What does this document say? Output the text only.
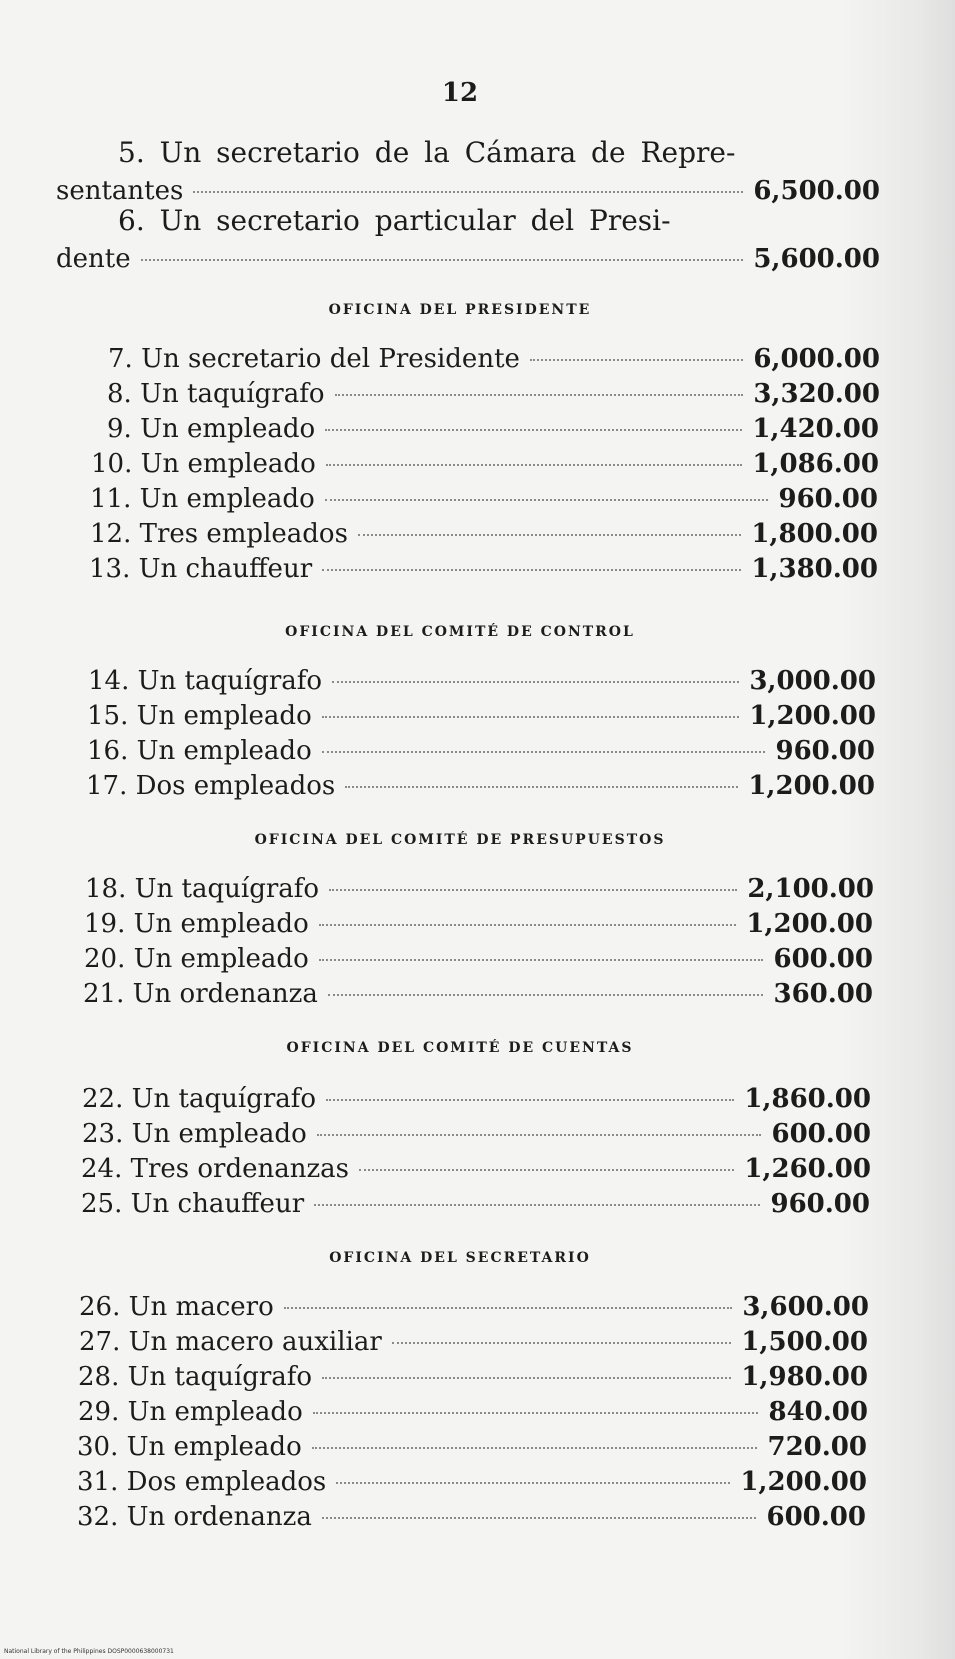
12
5. Un secretario de la Cámara de Repre-
sentantes	6,500.00
6. Un secretario particular del Presi-
dente	5,600.00
OFICINA DEL PRESIDENTE
7. Un secretario del Presidente	6,000.00
8. Un taquígrafo	3,320.00
9. Un empleado	1,420.00
10. Un empleado	1,086.00
11. Un empleado	960.00
12. Tres empleados	1,800.00
13. Un chauffeur	1,380.00
OFICINA DEL COMITÉ DE CONTROL
14. Un taquígrafo	3,000.00
15. Un empleado	1,200.00
16. Un empleado	960.00
17. Dos empleados	1,200.00
OFICINA DEL COMITÉ DE PRESUPUESTOS
18. Un taquígrafo	2,100.00
19. Un empleado	1,200.00
20. Un empleado	600.00
21. Un ordenanza	360.00
OFICINA DEL COMITÉ DE CUENTAS
22. Un taquígrafo	1,860.00
23. Un empleado	600.00
24. Tres ordenanzas	1,260.00
25. Un chauffeur	960.00
OFICINA DEL SECRETARIO
26. Un macero	3,600.00
27. Un macero auxiliar	1,500.00
28. Un taquígrafo	1,980.00
29. Un empleado	840.00
30. Un empleado	720.00
31. Dos empleados	1,200.00
32. Un ordenanza	600.00
National Library of the Philippines DOSP0000638000731
